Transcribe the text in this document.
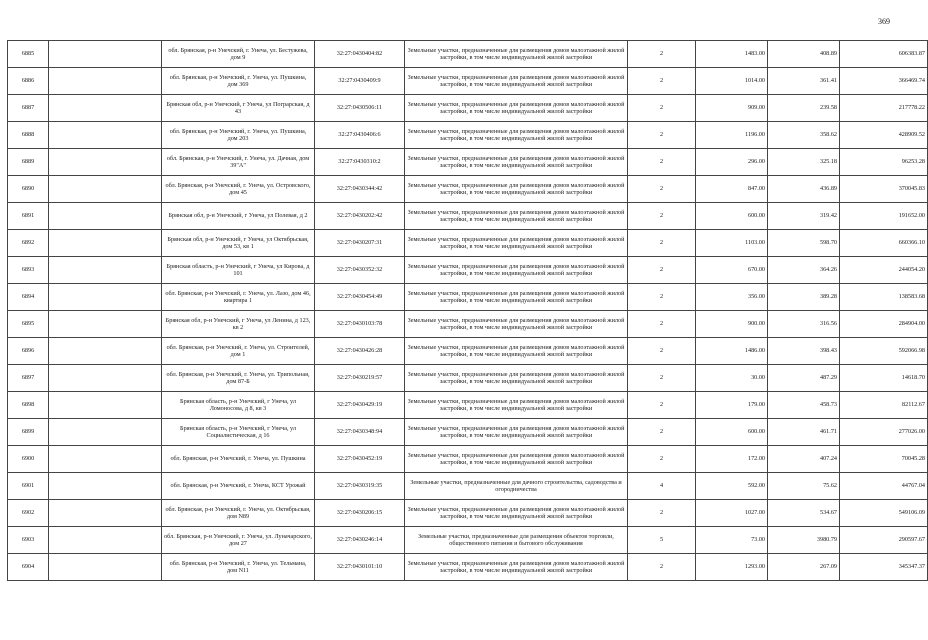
369
6885		обл. Брянская, р-н Унечский, г. Унеча, ул. Бестужева, дом 9	32:27:0430404:82	Земельные участки, предназначенные для размещения домов малоэтажной жилой застройки, в том числе индивидуальной жилой застройки	2	1483.00	408.89	606383.87
6886		обл. Брянская, р-н Унечский, г. Унеча, ул. Пушкина, дом 369	32:27:0430409:9	Земельные участки, предназначенные для размещения домов малоэтажной жилой застройки, в том числе индивидуальной жилой застройки	2	1014.00	361.41	366469.74
6887		Брянская обл, р-н Унечский, г Унеча, ул Пограрская, д 43	32:27:0430506:11	Земельные участки, предназначенные для размещения домов малоэтажной жилой застройки, в том числе индивидуальной жилой застройки	2	909.00	239.58	217778.22
6888		обл. Брянская, р-н Унечский, г. Унеча, ул. Пушкина, дом 203	32:27:0430406:6	Земельные участки, предназначенные для размещения домов малоэтажной жилой застройки, в том числе индивидуальной жилой застройки	2	1196.00	358.62	428909.52
6889		обл. Брянская, р-н Унечский, г. Унеча, ул. Дачная, дом 39"А"	32:27:0430310:2	Земельные участки, предназначенные для размещения домов малоэтажной жилой застройки, в том числе индивидуальной жилой застройки	2	296.00	325.18	96253.28
6890		обл. Брянская, р-н Унечский, г. Унеча, ул. Островского, дом 45	32:27:0430344:42	Земельные участки, предназначенные для размещения домов малоэтажной жилой застройки, в том числе индивидуальной жилой застройки	2	847.00	436.89	370045.83
6891		Брянская обл, р-н Унечский, г Унеча, ул Полевая, д 2	32:27:0430202:42	Земельные участки, предназначенные для размещения домов малоэтажной жилой застройки, в том числе индивидуальной жилой застройки	2	600.00	319.42	191652.00
6892		Брянская обл, р-н Унечский, г Унеча, ул Октябрьская, дом 53, кв 1	32:27:0430207:31	Земельные участки, предназначенные для размещения домов малоэтажной жилой застройки, в том числе индивидуальной жилой застройки	2	1103.00	598.70	660366.10
6893		Брянская область, р-н Унечский, г Унеча, ул Кирова, д 101	32:27:0430352:32	Земельные участки, предназначенные для размещения домов малоэтажной жилой застройки, в том числе индивидуальной жилой застройки	2	670.00	364.26	244054.20
6894		обл. Брянская, р-н Унечский, г. Унеча, ул. Лазо, дом 46, квартира 1	32:27:0430454:49	Земельные участки, предназначенные для размещения домов малоэтажной жилой застройки, в том числе индивидуальной жилой застройки	2	356.00	389.28	138583.68
6895		Брянская обл, р-н Унечский, г Унеча, ул Ленина, д 123, кв 2	32:27:0430103:78	Земельные участки, предназначенные для размещения домов малоэтажной жилой застройки, в том числе индивидуальной жилой застройки	2	900.00	316.56	284904.00
6896		обл. Брянская, р-н Унечский, г. Унеча, ул. Строителей, дом 1	32:27:0430426:28	Земельные участки, предназначенные для размещения домов малоэтажной жилой застройки, в том числе индивидуальной жилой застройки	2	1486.00	398.43	592066.98
6897		обл. Брянская, р-н Унечский, г. Унеча, ул. Трипольная, дом 87-Б	32:27:0430219:57	Земельные участки, предназначенные для размещения домов малоэтажной жилой застройки, в том числе индивидуальной жилой застройки	2	30.00	487.29	14618.70
6898		Брянская область, р-н Унечский, г Унеча, ул Ломоносова, д 8, кв 3	32:27:0430429:19	Земельные участки, предназначенные для размещения домов малоэтажной жилой застройки, в том числе индивидуальной жилой застройки	2	179.00	458.73	82112.67
6899		Брянская область, р-н Унечский, г Унеча, ул Социалистическая, д 16	32:27:0430348:94	Земельные участки, предназначенные для размещения домов малоэтажной жилой застройки, в том числе индивидуальной жилой застройки	2	600.00	461.71	277026.00
6900		обл. Брянская, р-н Унечский, г. Унеча, ул. Пушкина	32:27:0430452:19	Земельные участки, предназначенные для размещения домов малоэтажной жилой застройки, в том числе индивидуальной жилой застройки	2	172.00	407.24	70045.28
6901		обл. Брянская, р-н Унечский, г. Унеча, КСТ Урожай	32:27:0430319:35	Земельные участки, предназначенные для дачного строительства, садоводства и огородничества	4	592.00	75.62	44767.04
6902		обл. Брянская, р-н Унечский, г. Унеча, ул. Октябрьская, дом N89	32:27:0430206:15	Земельные участки, предназначенные для размещения домов малоэтажной жилой застройки, в том числе индивидуальной жилой застройки	2	1027.00	534.67	549106.09
6903		обл. Брянская, р-н Унечский, г. Унеча, ул. Луначарского, дом 27	32:27:0430246:14	Земельные участки, предназначенные для размещения объектов торговли, общественного питания и бытового обслуживания	5	73.00	3980.79	290597.67
6904		обл. Брянская, р-н Унечский, г. Унеча, ул. Тельмана, дом N11	32:27:0430101:10	Земельные участки, предназначенные для размещения домов малоэтажной жилой застройки, в том числе индивидуальной жилой застройки	2	1293.00	267.09	345347.37
